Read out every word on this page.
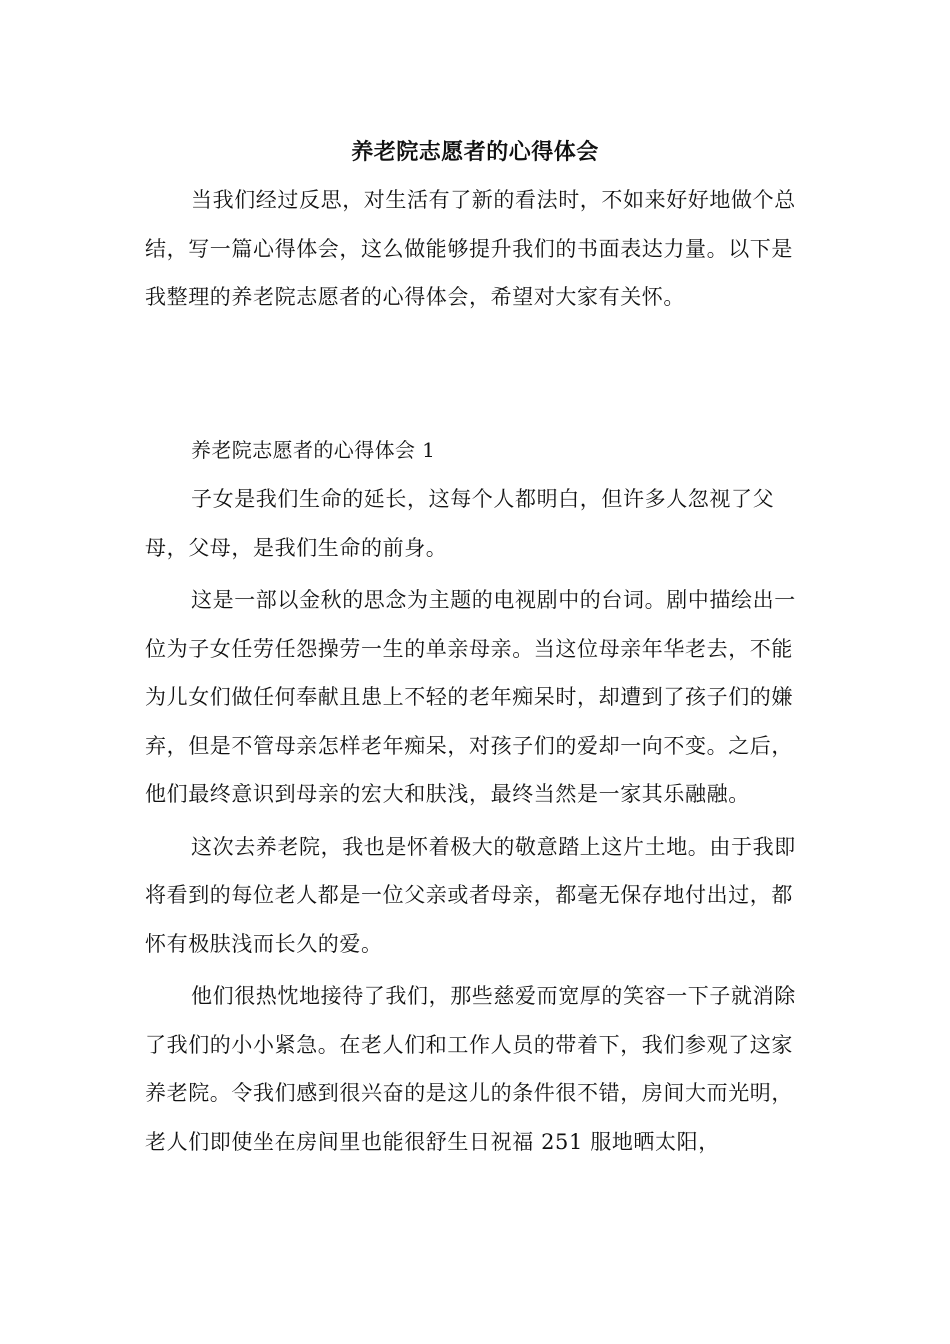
养老院志愿者的心得体会

当我们经过反思，对生活有了新的看法时，不如来好好地做个总结，写一篇心得体会，这么做能够提升我们的书面表达力量。以下是我整理的养老院志愿者的心得体会，希望对大家有关怀。

养老院志愿者的心得体会 1

子女是我们生命的延长，这每个人都明白，但许多人忽视了父母，父母，是我们生命的前身。

这是一部以金秋的思念为主题的电视剧中的台词。剧中描绘出一位为子女任劳任怨操劳一生的单亲母亲。当这位母亲年华老去，不能为儿女们做任何奉献且患上不轻的老年痴呆时，却遭到了孩子们的嫌弃，但是不管母亲怎样老年痴呆，对孩子们的爱却一向不变。之后，他们最终意识到母亲的宏大和肤浅，最终当然是一家其乐融融。

这次去养老院，我也是怀着极大的敬意踏上这片土地。由于我即将看到的每位老人都是一位父亲或者母亲，都毫无保存地付出过，都怀有极肤浅而长久的爱。

他们很热忱地接待了我们，那些慈爱而宽厚的笑容一下子就消除了我们的小小紧急。在老人们和工作人员的带着下，我们参观了这家养老院。令我们感到很兴奋的是这儿的条件很不错，房间大而光明，老人们即使坐在房间里也能很舒生日祝福 251 服地晒太阳，
